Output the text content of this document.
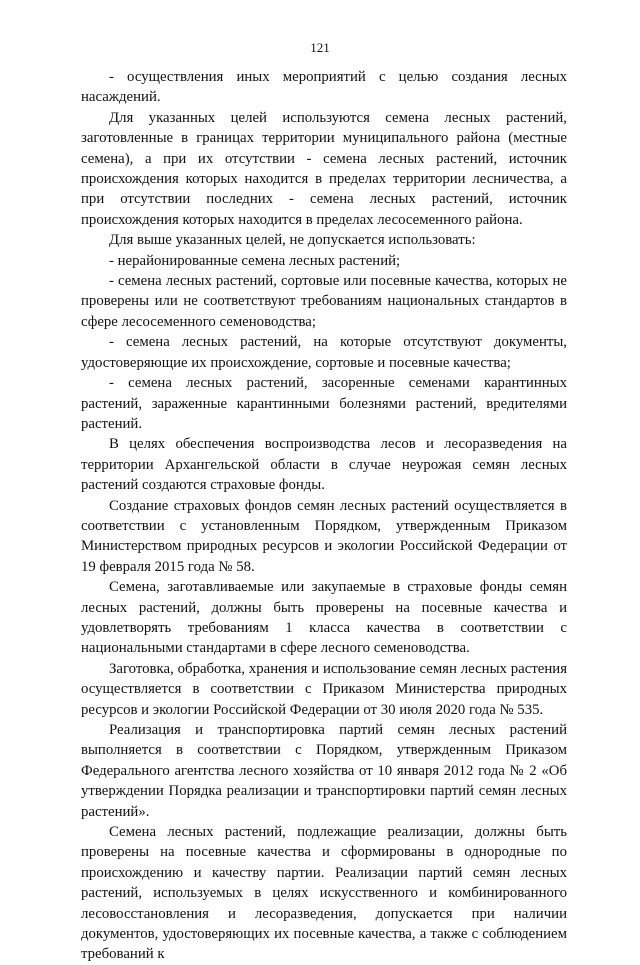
121

- осуществления иных мероприятий с целью создания лесных насаждений.

Для указанных целей используются семена лесных растений, заготовленные в границах территории муниципального района (местные семена), а при их отсутствии - семена лесных растений, источник происхождения которых находится в пределах территории лесничества, а при отсутствии последних - семена лесных растений, источник происхождения которых находится в пределах лесосеменного района.

Для выше указанных целей, не допускается использовать:

- нерайонированные семена лесных растений;

- семена лесных растений, сортовые или посевные качества, которых не проверены или не соответствуют требованиям национальных стандартов в сфере лесосеменного семеноводства;

- семена лесных растений, на которые отсутствуют документы, удостоверяющие их происхождение, сортовые и посевные качества;

- семена лесных растений, засоренные семенами карантинных растений, зараженные карантинными болезнями растений, вредителями растений.

В целях обеспечения воспроизводства лесов и лесоразведения на территории Архангельской области в случае неурожая семян лесных растений создаются страховые фонды.

Создание страховых фондов семян лесных растений осуществляется в соответствии с установленным Порядком, утвержденным Приказом Министерством природных ресурсов и экологии Российской Федерации от 19 февраля 2015 года № 58.

Семена, заготавливаемые или закупаемые в страховые фонды семян лесных растений, должны быть проверены на посевные качества и удовлетворять требованиям 1 класса качества в соответствии с национальными стандартами в сфере лесного семеноводства.

Заготовка, обработка, хранения и использование семян лесных растения осуществляется в соответствии с Приказом Министерства природных ресурсов и экологии Российской Федерации от 30 июля 2020 года № 535.

Реализация и транспортировка партий семян лесных растений выполняется в соответствии с Порядком, утвержденным Приказом Федерального агентства лесного хозяйства от 10 января 2012 года № 2 «Об утверждении Порядка реализации и транспортировки партий семян лесных растений».

Семена лесных растений, подлежащие реализации, должны быть проверены на посевные качества и сформированы в однородные по происхождению и качеству партии. Реализации партий семян лесных растений, используемых в целях искусственного и комбинированного лесовосстановления и лесоразведения, допускается при наличии документов, удостоверяющих их посевные качества, а также с соблюдением требований к
